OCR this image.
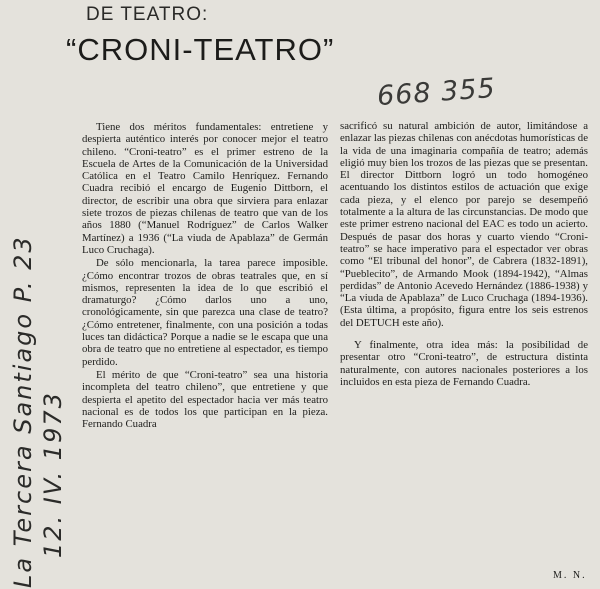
DE TEATRO:
“CRONI-TEATRO”
668 355
La Tercera Santiago P. 23
12. IV. 1973

Tiene dos méritos fundamentales: entretiene y despierta auténtico interés por conocer mejor el teatro chileno. “Croni-teatro” es el primer estreno de la Escuela de Artes de la Comunicación de la Universidad Católica en el Teatro Camilo Henríquez. Fernando Cuadra recibió el encargo de Eugenio Dittborn, el director, de escribir una obra que sirviera para enlazar siete trozos de piezas chilenas de teatro que van de los años 1880 (“Manuel Rodríguez” de Carlos Walker Martínez) a 1936 (“La viuda de Apablaza” de Germán Luco Cruchaga).

De sólo mencionarla, la tarea parece imposible. ¿Cómo encontrar trozos de obras teatrales que, en sí mismos, representen la idea de lo que escribió el dramaturgo? ¿Cómo darlos uno a uno, cronológicamente, sin que parezca una clase de teatro? ¿Cómo entretener, finalmente, con una posición a todas luces tan didáctica? Porque a nadie se le escapa que una obra de teatro que no entretiene al espectador, es tiempo perdido.

El mérito de que “Croni-teatro” sea una historia incompleta del teatro chileno”, que entretiene y que despierta el apetito del espectador hacia ver más teatro nacional es de todos los que participan en la pieza. Fernando Cuadra

sacrificó su natural ambición de autor, limitándose a enlazar las piezas chilenas con anécdotas humorísticas de la vida de una imaginaria compañía de teatro; además eligió muy bien los trozos de las piezas que se presentan. El director Dittborn logró un todo homogéneo acentuando los distintos estilos de actuación que exige cada pieza, y el elenco por parejo se desempeñó totalmente a la altura de las circunstancias. De modo que este primer estreno nacional del EAC es todo un acierto. Después de pasar dos horas y cuarto viendo “Croni-teatro” se hace imperativo para el espectador ver obras como “El tribunal del honor”, de Cabrera (1832-1891), “Pueblecito”, de Armando Mook (1894-1942), “Almas perdidas” de Antonio Acevedo Hernández (1886-1938) y “La viuda de Apablaza” de Luco Cruchaga (1894-1936). (Esta última, a propósito, figura entre los seis estrenos del DETUCH este año).

Y finalmente, otra idea más: la posibilidad de presentar otro “Croni-teatro”, de estructura distinta naturalmente, con autores nacionales posteriores a los incluidos en esta pieza de Fernando Cuadra.

M. N.
